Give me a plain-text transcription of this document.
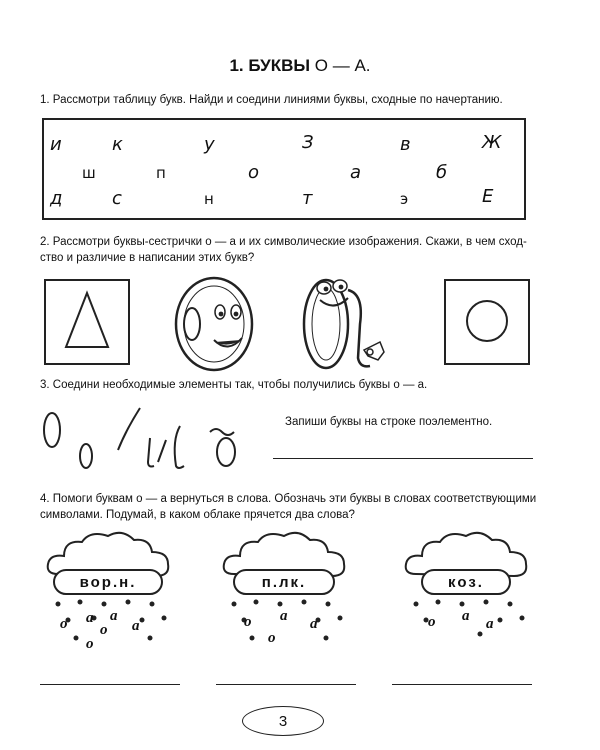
1. БУКВЫ О — А.
1. Рассмотри таблицу букв. Найди и соедини линиями буквы, сходные по начертанию.
и	к	у	З	в	Ж
ш	п	о	а	б
д	с	н	т	э	Е
2. Рассмотри буквы-сестрички о — а и их символические изображения. Скажи, в чем сход-
ство и различие в написании этих букв?
3. Соедини необходимые элементы так, чтобы получились буквы о — а.
Запиши буквы на строке поэлементно.
4. Помоги буквам о — а вернуться в слова. Обозначь эти буквы в словах соответствующими
символами. Подумай, в каком облаке прячется два слова?
вор.н.
о а а
о а
о
п.лк.
о а а
о
коз.
о а а
3
